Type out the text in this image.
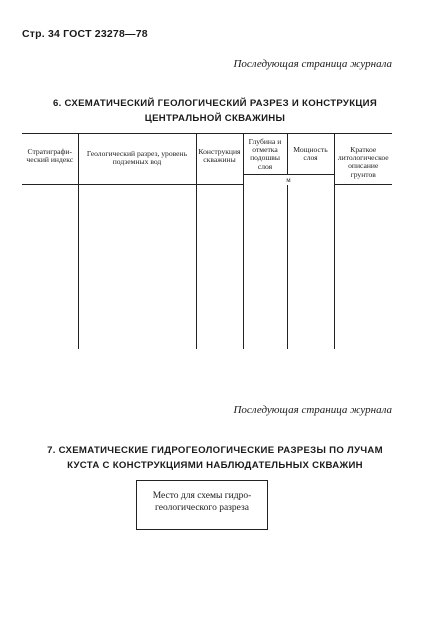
Стр. 34 ГОСТ 23278—78
Последующая страница журнала
6. СХЕМАТИЧЕСКИЙ ГЕОЛОГИЧЕСКИЙ РАЗРЕЗ И КОНСТРУКЦИЯ
ЦЕНТРАЛЬНОЙ СКВАЖИНЫ
Стратиграфический индекс	Геологический разрез, уровень подземных вод	Конструкция скважины	Глубина и отметка подошвы слоя	Мощность слоя	Краткое литологическое описание грунтов
			м		

Последующая страница журнала
7. СХЕМАТИЧЕСКИЕ ГИДРОГЕОЛОГИЧЕСКИЕ РАЗРЕЗЫ ПО ЛУЧАМ
КУСТА С КОНСТРУКЦИЯМИ НАБЛЮДАТЕЛЬНЫХ СКВАЖИН
Место для схемы гидро-
геологического разреза
